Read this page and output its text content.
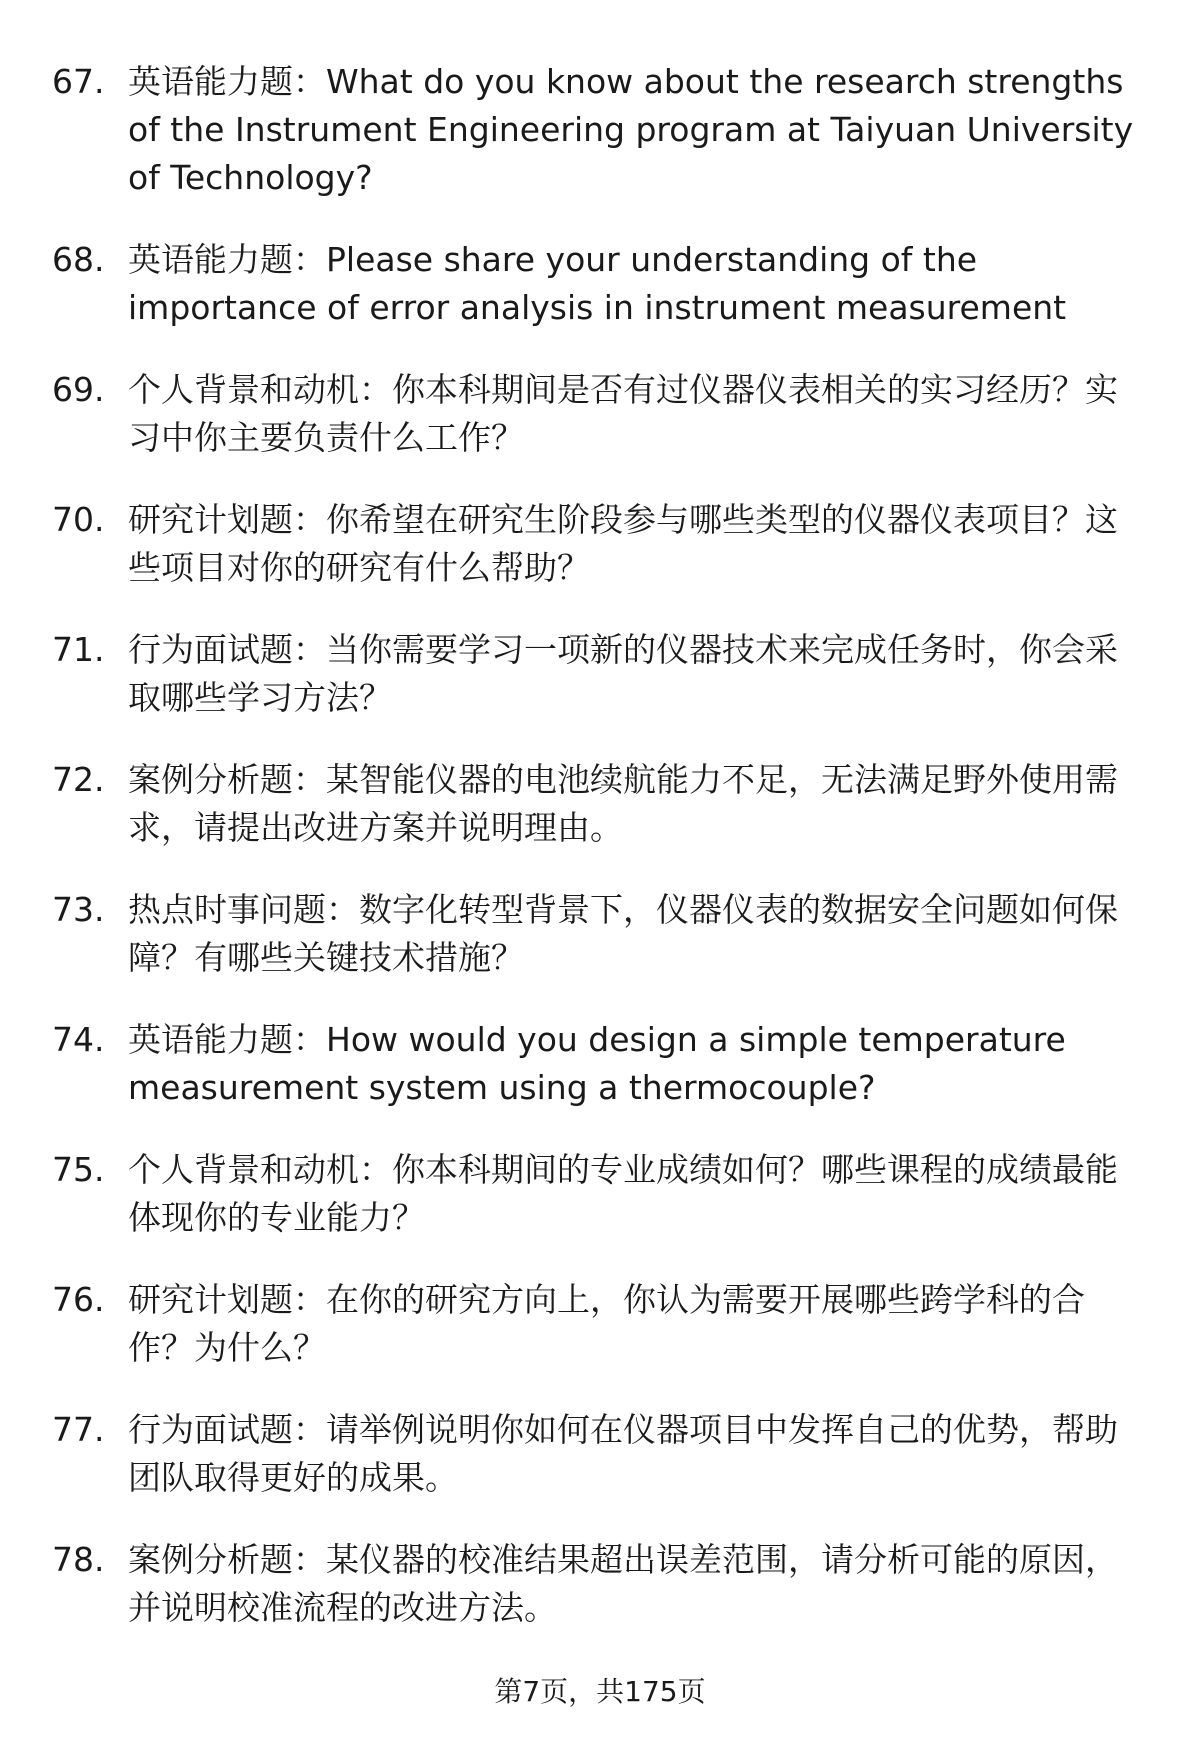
67. 英语能力题：What do you know about the research strengths of the Instrument Engineering program at Taiyuan University of Technology?
68. 英语能力题：Please share your understanding of the importance of error analysis in instrument measurement
69. 个人背景和动机：你本科期间是否有过仪器仪表相关的实习经历？实习中你主要负责什么工作？
70. 研究计划题：你希望在研究生阶段参与哪些类型的仪器仪表项目？这些项目对你的研究有什么帮助？
71. 行为面试题：当你需要学习一项新的仪器技术来完成任务时，你会采取哪些学习方法？
72. 案例分析题：某智能仪器的电池续航能力不足，无法满足野外使用需求，请提出改进方案并说明理由。
73. 热点时事问题：数字化转型背景下，仪器仪表的数据安全问题如何保障？有哪些关键技术措施？
74. 英语能力题：How would you design a simple temperature measurement system using a thermocouple?
75. 个人背景和动机：你本科期间的专业成绩如何？哪些课程的成绩最能体现你的专业能力？
76. 研究计划题：在你的研究方向上，你认为需要开展哪些跨学科的合作？为什么？
77. 行为面试题：请举例说明你如何在仪器项目中发挥自己的优势，帮助团队取得更好的成果。
78. 案例分析题：某仪器的校准结果超出误差范围，请分析可能的原因，并说明校准流程的改进方法。
第7页，共175页
